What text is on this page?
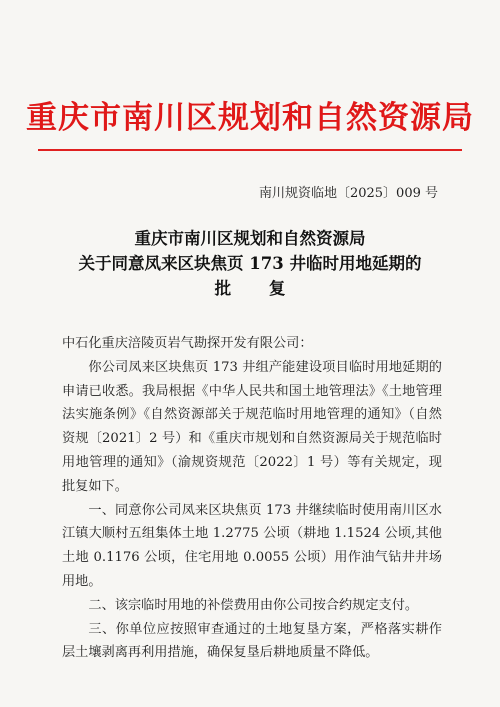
重庆市南川区规划和自然资源局
南川规资临地〔2025〕009 号
重庆市南川区规划和自然资源局
关于同意凤来区块焦页 173 井临时用地延期的
批 复
中石化重庆涪陵页岩气勘探开发有限公司：
你公司凤来区块焦页 173 井组产能建设项目临时用地延期的申请已收悉。我局根据《中华人民共和国土地管理法》《土地管理法实施条例》《自然资源部关于规范临时用地管理的通知》（自然资规〔2021〕2 号）和《重庆市规划和自然资源局关于规范临时用地管理的通知》（渝规资规范〔2022〕1 号）等有关规定，现批复如下。
一、同意你公司凤来区块焦页 173 井继续临时使用南川区水江镇大顺村五组集体土地 1.2775 公顷（耕地 1.1524 公顷,其他土地 0.1176 公顷，住宅用地 0.0055 公顷）用作油气钻井井场用地。
二、该宗临时用地的补偿费用由你公司按合约规定支付。
三、你单位应按照审查通过的土地复垦方案，严格落实耕作层土壤剥离再利用措施，确保复垦后耕地质量不降低。
